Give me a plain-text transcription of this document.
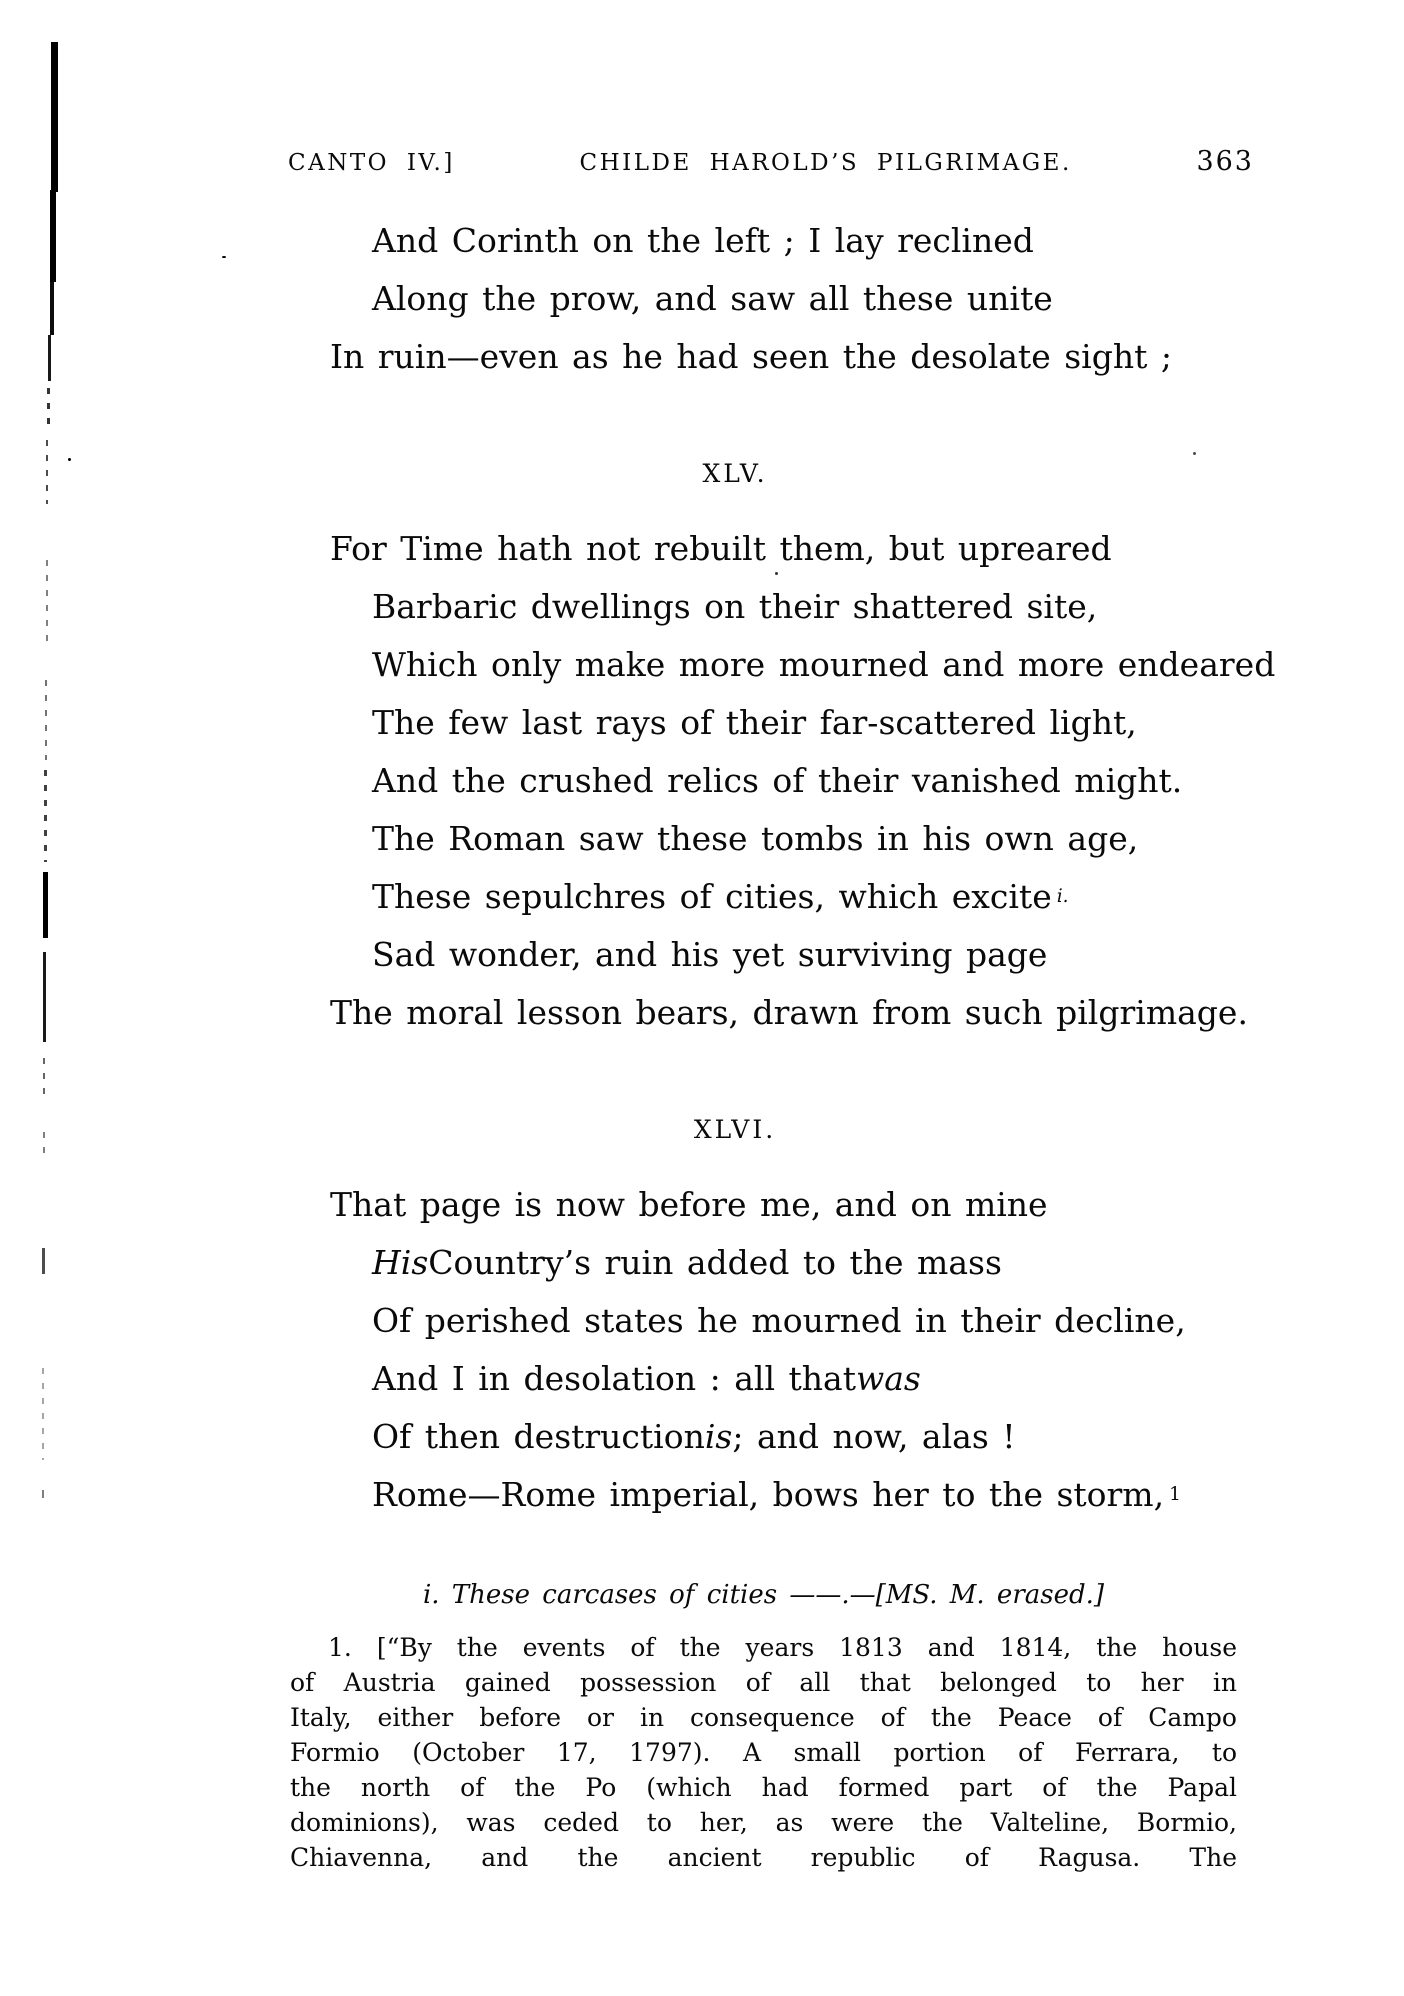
CANTO IV.]	CHILDE HAROLD’S PILGRIMAGE.	363
And Corinth on the left ; I lay reclined
Along the prow, and saw all these unite
In ruin—even as he had seen the desolate sight ;
XLV.
For Time hath not rebuilt them, but upreared
Barbaric dwellings on their shattered site,
Which only make more mourned and more endeared
The few last rays of their far-scattered light,
And the crushed relics of their vanished might.
The Roman saw these tombs in his own age,
These sepulchres of cities, which excite i.
Sad wonder, and his yet surviving page
The moral lesson bears, drawn from such pilgrimage.
XLVI.
That page is now before me, and on mine
His Country’s ruin added to the mass
Of perished states he mourned in their decline,
And I in desolation : all that was
Of then destruction is ; and now, alas !
Rome—Rome imperial, bows her to the storm, 1

i. These carcases of cities ——.—[MS. M. erased.]

1. [“By the events of the years 1813 and 1814, the house
of Austria gained possession of all that belonged to her in
Italy, either before or in consequence of the Peace of Campo
Formio (October 17, 1797). A small portion of Ferrara, to
the north of the Po (which had formed part of the Papal
dominions), was ceded to her, as were the Valteline, Bormio,
Chiavenna, and the ancient republic of Ragusa. The
